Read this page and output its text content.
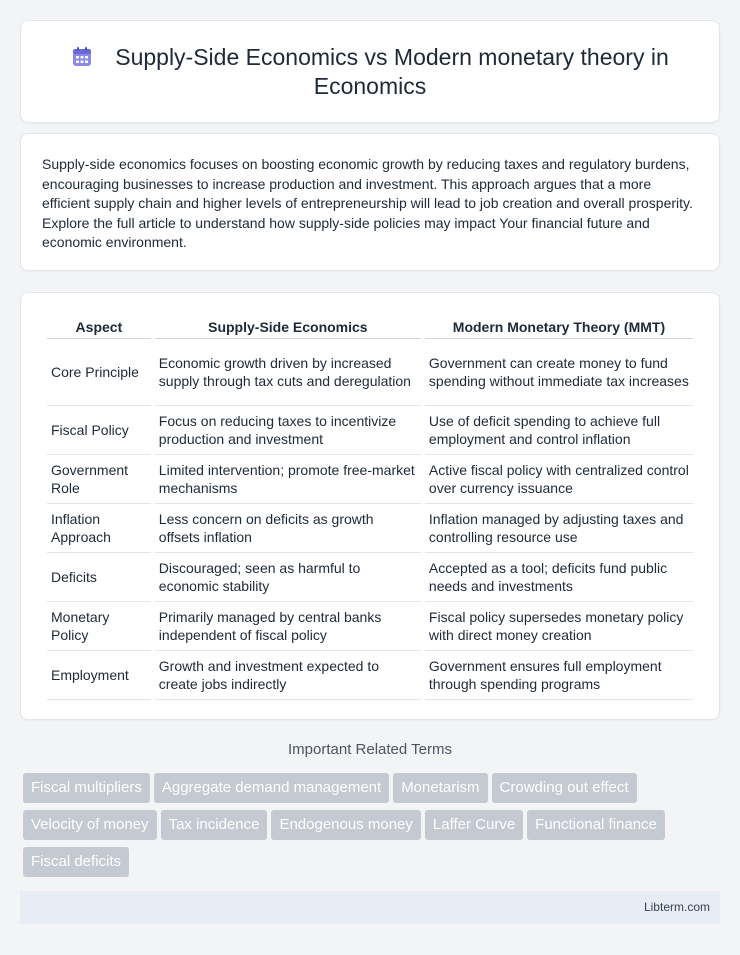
Supply-Side Economics vs Modern monetary theory in Economics

Supply-side economics focuses on boosting economic growth by reducing taxes and regulatory burdens, encouraging businesses to increase production and investment. This approach argues that a more efficient supply chain and higher levels of entrepreneurship will lead to job creation and overall prosperity. Explore the full article to understand how supply-side policies may impact Your financial future and economic environment.

Aspect	Supply-Side Economics	Modern Monetary Theory (MMT)
Core Principle	Economic growth driven by increased supply through tax cuts and deregulation	Government can create money to fund spending without immediate tax increases
Fiscal Policy	Focus on reducing taxes to incentivize production and investment	Use of deficit spending to achieve full employment and control inflation
Government Role	Limited intervention; promote free-market mechanisms	Active fiscal policy with centralized control over currency issuance
Inflation Approach	Less concern on deficits as growth offsets inflation	Inflation managed by adjusting taxes and controlling resource use
Deficits	Discouraged; seen as harmful to economic stability	Accepted as a tool; deficits fund public needs and investments
Monetary Policy	Primarily managed by central banks independent of fiscal policy	Fiscal policy supersedes monetary policy with direct money creation
Employment	Growth and investment expected to create jobs indirectly	Government ensures full employment through spending programs
Important Related Terms
Fiscal multipliers Aggregate demand management Monetarism Crowding out effect
Velocity of money Tax incidence Endogenous money Laffer Curve Functional finance
Fiscal deficits
Libterm.com
